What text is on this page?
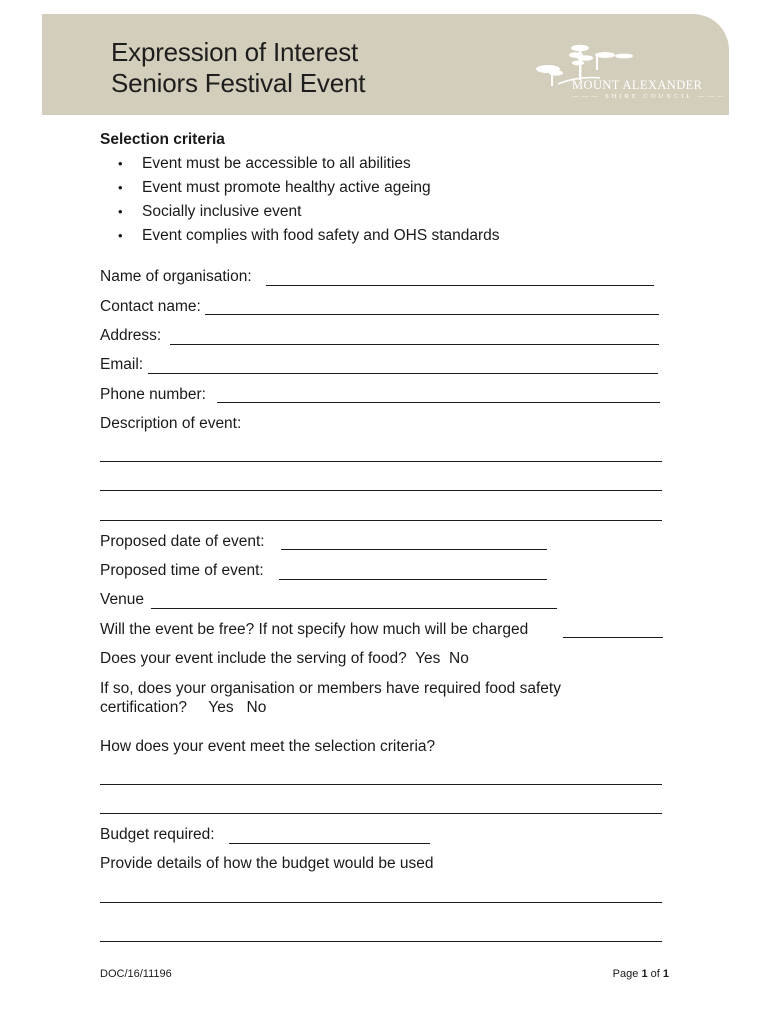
Expression of Interest
Seniors Festival Event	MOUNT ALEXANDER
——— SHIRE COUNCIL ———
Selection criteria
• Event must be accessible to all abilities
• Event must promote healthy active ageing
• Socially inclusive event
• Event complies with food safety and OHS standards
Name of organisation:
Contact name:
Address:
Email:
Phone number:
Description of event:
Proposed date of event:
Proposed time of event:
Venue
Will the event be free? If not specify how much will be charged
Does your event include the serving of food? Yes No
If so, does your organisation or members have required food safety
certification? Yes No
How does your event meet the selection criteria?
Budget required:
Provide details of how the budget would be used
DOC/16/11196	Page 1 of 1
